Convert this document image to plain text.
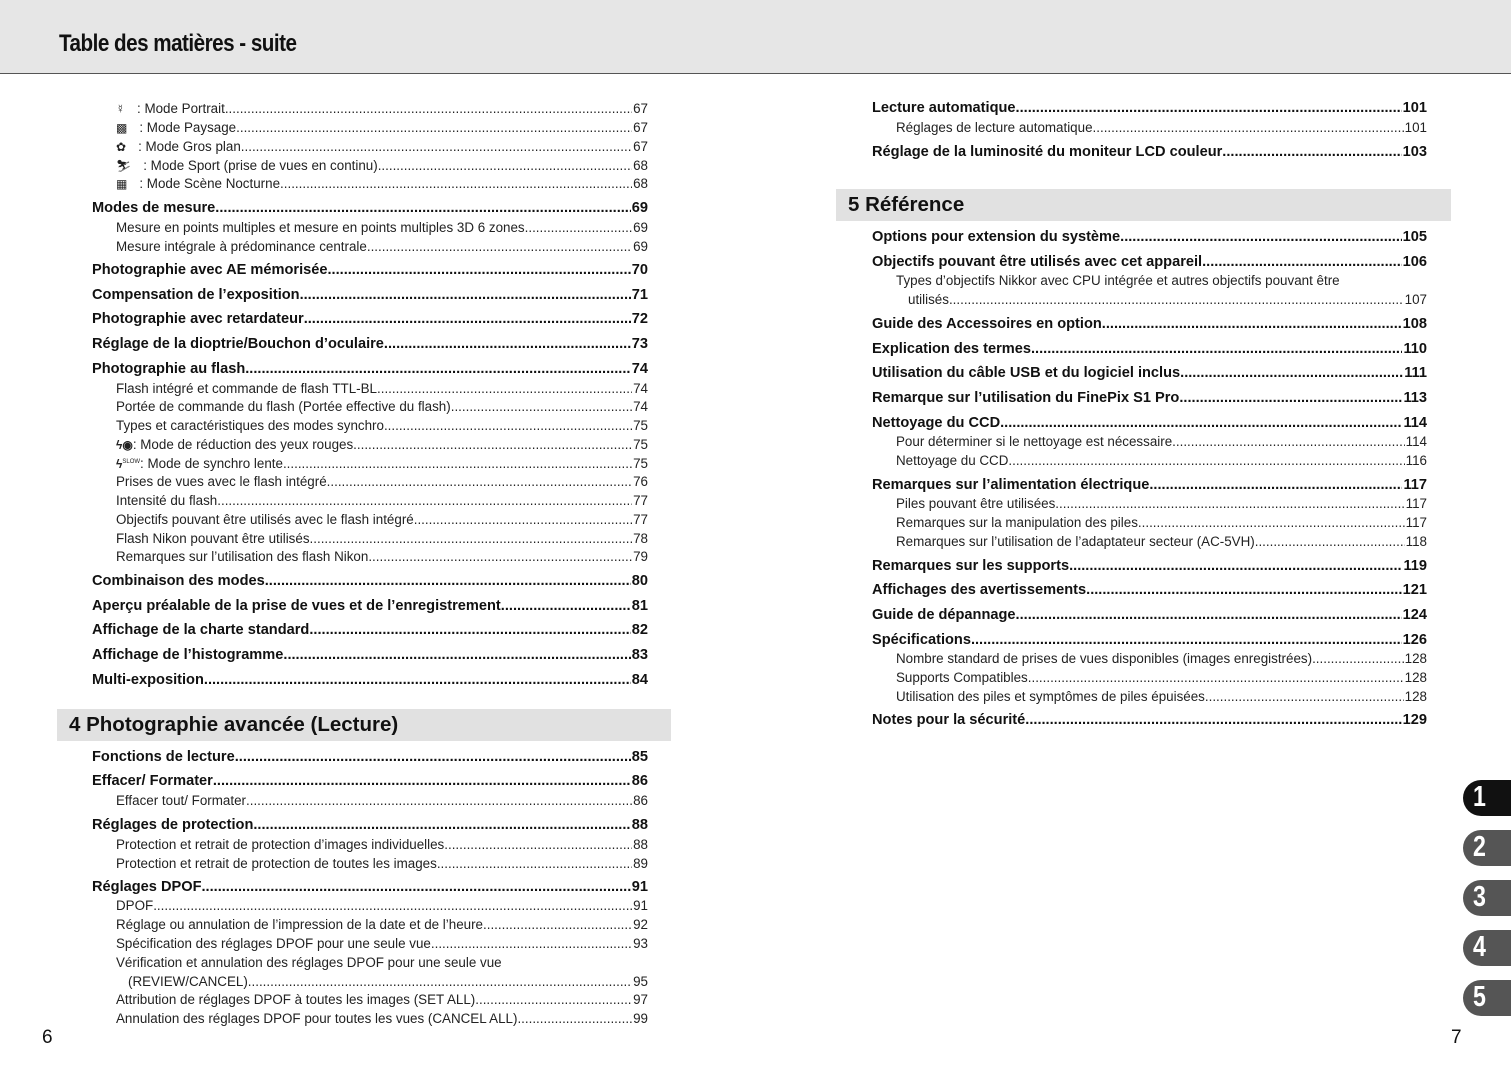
Table des matières - suite
☿ : Mode Portrait .....	67
▩ : Mode Paysage .....	67
✿ : Mode Gros plan .....	67
⛷ : Mode Sport (prise de vues en continu) .....	68
▦ : Mode Scène Nocturne .....	68
Modes de mesure .....	69
Mesure en points multiples et mesure en points multiples 3D 6 zones .....	69
Mesure intégrale à prédominance centrale .....	69
Photographie avec AE mémorisée .....	70
Compensation de l’exposition .....	71
Photographie avec retardateur .....	72
Réglage de la dioptrie/Bouchon d’oculaire .....	73
Photographie au flash .....	74
Flash intégré et commande de flash TTL-BL .....	74
Portée de commande du flash (Portée effective du flash) .....	74
Types et caractéristiques des modes synchro .....	75
ϟ◉ : Mode de réduction des yeux rouges .....	75
$ϟ^{SLOW}$ : Mode de synchro lente .....	75
Prises de vues avec le flash intégré .....	76
Intensité du flash .....	77
Objectifs pouvant être utilisés avec le flash intégré .....	77
Flash Nikon pouvant être utilisés .....	78
Remarques sur l’utilisation des flash Nikon .....	79
Combinaison des modes .....	80
Aperçu préalable de la prise de vues et de l’enregistrement .....	81
Affichage de la charte standard .....	82
Affichage de l’histogramme .....	83
Multi-exposition .....	84
Fonctions de lecture .....	85
Effacer/ Formater .....	86
Effacer tout/ Formater .....	86
Réglages de protection .....	88
Protection et retrait de protection d’images individuelles .....	88
Protection et retrait de protection de toutes les images .....	89
Réglages DPOF .....	91
DPOF .....	91
Réglage ou annulation de l’impression de la date et de l’heure .....	92
Spécification des réglages DPOF pour une seule vue .....	93
Vérification et annulation des réglages DPOF pour une seule vue
(REVIEW/CANCEL) .....	95
Attribution de réglages DPOF à toutes les images (SET ALL) .....	97
Annulation des réglages DPOF pour toutes les vues (CANCEL ALL) .....	99
4 Photographie avancée (Lecture)
Lecture automatique .....	101
Réglages de lecture automatique .....	101
Réglage de la luminosité du moniteur LCD couleur .....	103
Options pour extension du système .....	105
Objectifs pouvant être utilisés avec cet appareil .....	106
Types d’objectifs Nikkor avec CPU intégrée et autres objectifs pouvant être
utilisés .....	107
Guide des Accessoires en option .....	108
Explication des termes .....	110
Utilisation du câble USB et du logiciel inclus .....	111
Remarque sur l’utilisation du FinePix S1 Pro .....	113
Nettoyage du CCD .....	114
Pour déterminer si le nettoyage est nécessaire .....	114
Nettoyage du CCD .....	116
Remarques sur l’alimentation électrique .....	117
Piles pouvant être utilisées .....	117
Remarques sur la manipulation des piles .....	117
Remarques sur l’utilisation de l’adaptateur secteur (AC-5VH) .....	118
Remarques sur les supports .....	119
Affichages des avertissements .....	121
Guide de dépannage .....	124
Spécifications .....	126
Nombre standard de prises de vues disponibles (images enregistrées) .....	128
Supports Compatibles .....	128
Utilisation des piles et symptômes de piles épuisées .....	128
Notes pour la sécurité .....	129
5 Référence
6	7
1
2
3
4
5
